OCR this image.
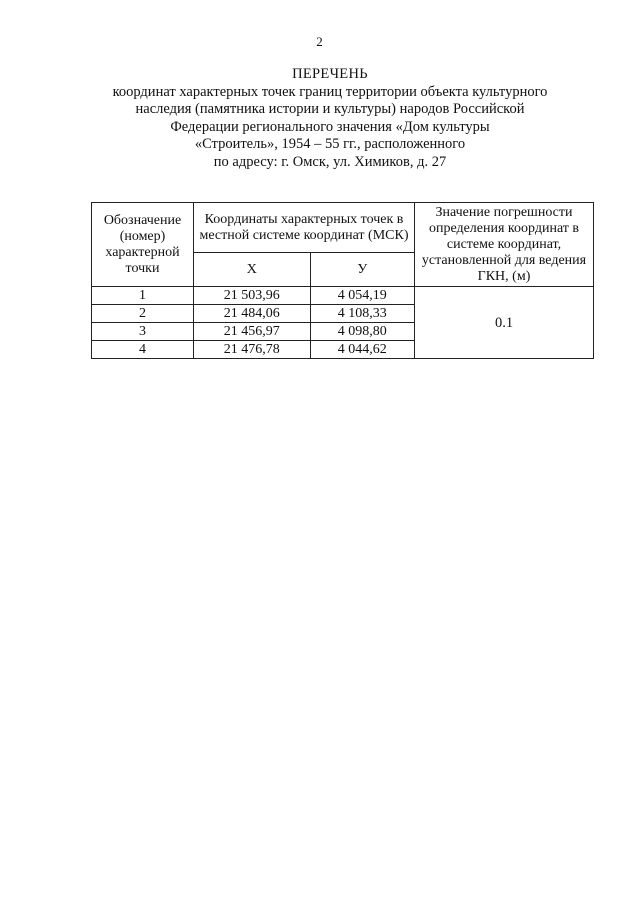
2
ПЕРЕЧЕНЬ
координат характерных точек границ территории объекта культурного
наследия (памятника истории и культуры) народов Российской
Федерации регионального значения «Дом культуры
«Строитель», 1954 – 55 гг., расположенного
по адресу: г. Омск, ул. Химиков, д. 27
Обозначение (номер) характерной точки	Координаты характерных точек в местной системе координат (МСК)		Значение погрешности определения координат в системе координат, установленной для ведения ГКН, (м)
	Х	У	
1	21 503,96	4 054,19	0.1
2	21 484,06	4 108,33	
3	21 456,97	4 098,80	
4	21 476,78	4 044,62	
